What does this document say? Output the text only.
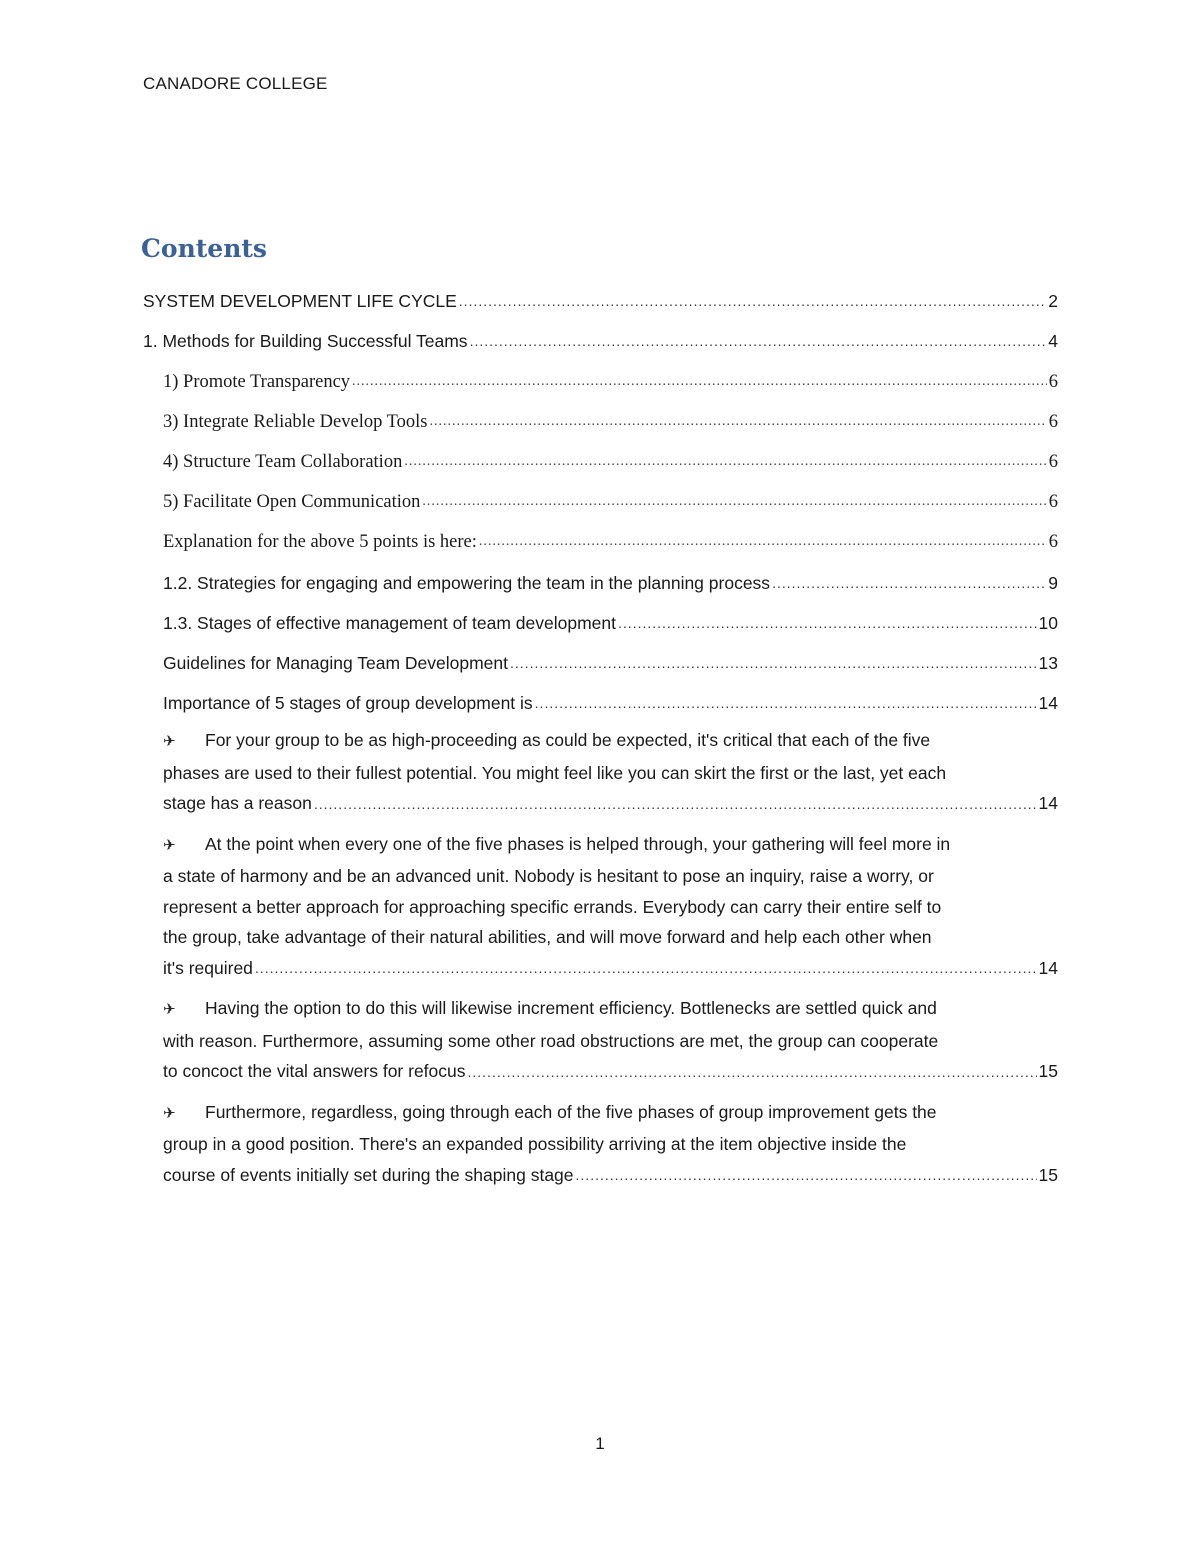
CANADORE COLLEGE
Contents
SYSTEM DEVELOPMENT LIFE CYCLE .....	2
1. Methods for Building Successful Teams .....	4
1) Promote Transparency .....	6
3) Integrate Reliable Develop Tools .....	6
4) Structure Team Collaboration .....	6
5) Facilitate Open Communication .....	6
Explanation for the above 5 points is here: .....	6
1.2. Strategies for engaging and empowering the team in the planning process .....	9
1.3. Stages of effective management of team development .....	10
Guidelines for Managing Team Development .....	13
Importance of 5 stages of group development is .....	14

✈ For your group to be as high-proceeding as could be expected, it's critical that each of the five

phases are used to their fullest potential. You might feel like you can skirt the first or the last, yet each

stage has a reason .....	14

✈ At the point when every one of the five phases is helped through, your gathering will feel more in

a state of harmony and be an advanced unit. Nobody is hesitant to pose an inquiry, raise a worry, or

represent a better approach for approaching specific errands. Everybody can carry their entire self to

the group, take advantage of their natural abilities, and will move forward and help each other when

it's required .....	14

✈ Having the option to do this will likewise increment efficiency. Bottlenecks are settled quick and

with reason. Furthermore, assuming some other road obstructions are met, the group can cooperate

to concoct the vital answers for refocus .....	15

✈ Furthermore, regardless, going through each of the five phases of group improvement gets the

group in a good position. There's an expanded possibility arriving at the item objective inside the

course of events initially set during the shaping stage .....	15

1
